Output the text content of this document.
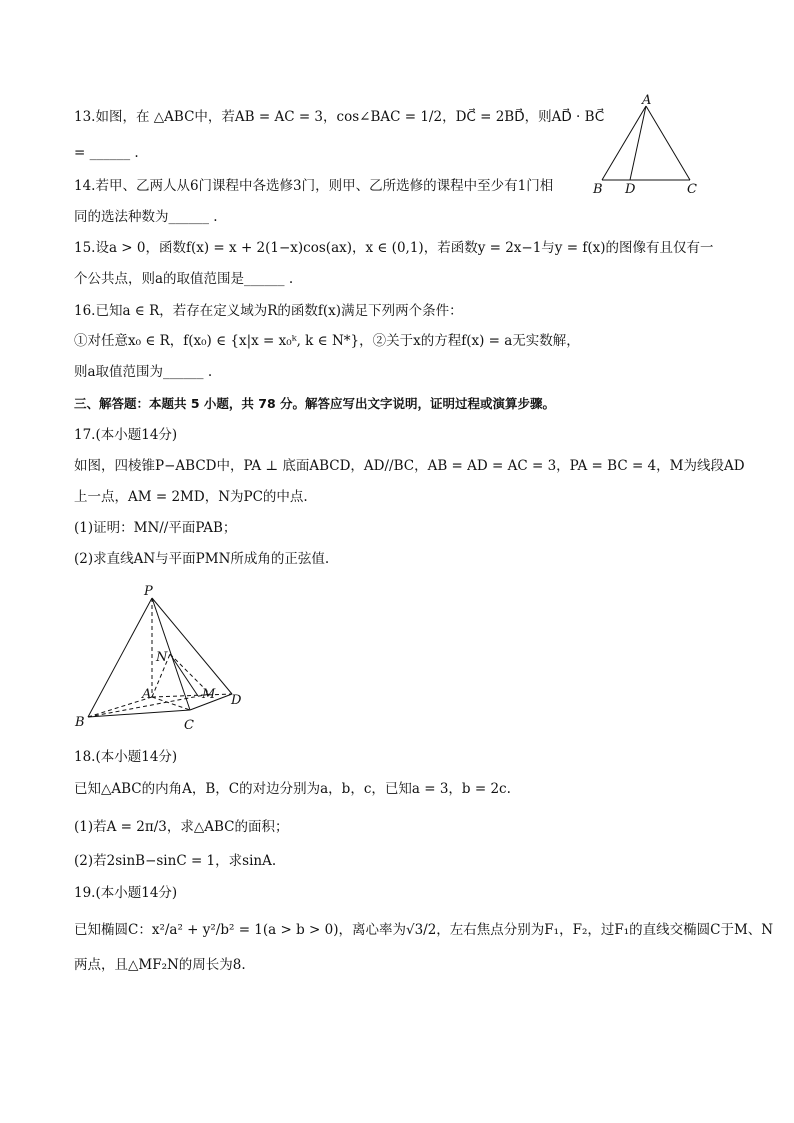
13.如图，在 △ABC中，若AB = AC = 3，cos∠BAC = 1/2，DC⃗ = 2BD⃗，则AD⃗ · BC⃗
= ______ .
A
B D	C
14.若甲、乙两人从6门课程中各选修3门，则甲、乙所选修的课程中至少有1门相
同的选法种数为______ .
15.设a > 0，函数f(x) = x + 2(1−x)cos(ax)，x ∈ (0,1)，若函数y = 2x−1与y = f(x)的图像有且仅有一
个公共点，则a的取值范围是______ .
16.已知a ∈ R，若存在定义域为R的函数f(x)满足下列两个条件：
①对任意x₀ ∈ R，f(x₀) ∈ {x|x = x₀ᵏ, k ∈ N*}，②关于x的方程f(x) = a无实数解，
则a取值范围为______ .
三、解答题：本题共 5 小题，共 78 分。解答应写出文字说明，证明过程或演算步骤。
17.(本小题14分)
如图，四棱锥P−ABCD中，PA ⊥ 底面ABCD，AD//BC，AB = AD = AC = 3，PA = BC = 4，M为线段AD
上一点，AM = 2MD，N为PC的中点.
(1)证明：MN//平面PAB；
(2)求直线AN与平面PMN所成角的正弦值.
P
N
A	M D
B	C
18.(本小题14分)
已知△ABC的内角A，B，C的对边分别为a，b，c，已知a = 3，b = 2c.
(1)若A = 2π/3，求△ABC的面积；
(2)若2sinB−sinC = 1，求sinA.
19.(本小题14分)
已知椭圆C：x²/a² + y²/b² = 1(a > b > 0)，离心率为√3/2，左右焦点分别为F₁，F₂，过F₁的直线交椭圆C于M、N
两点，且△MF₂N的周长为8.
